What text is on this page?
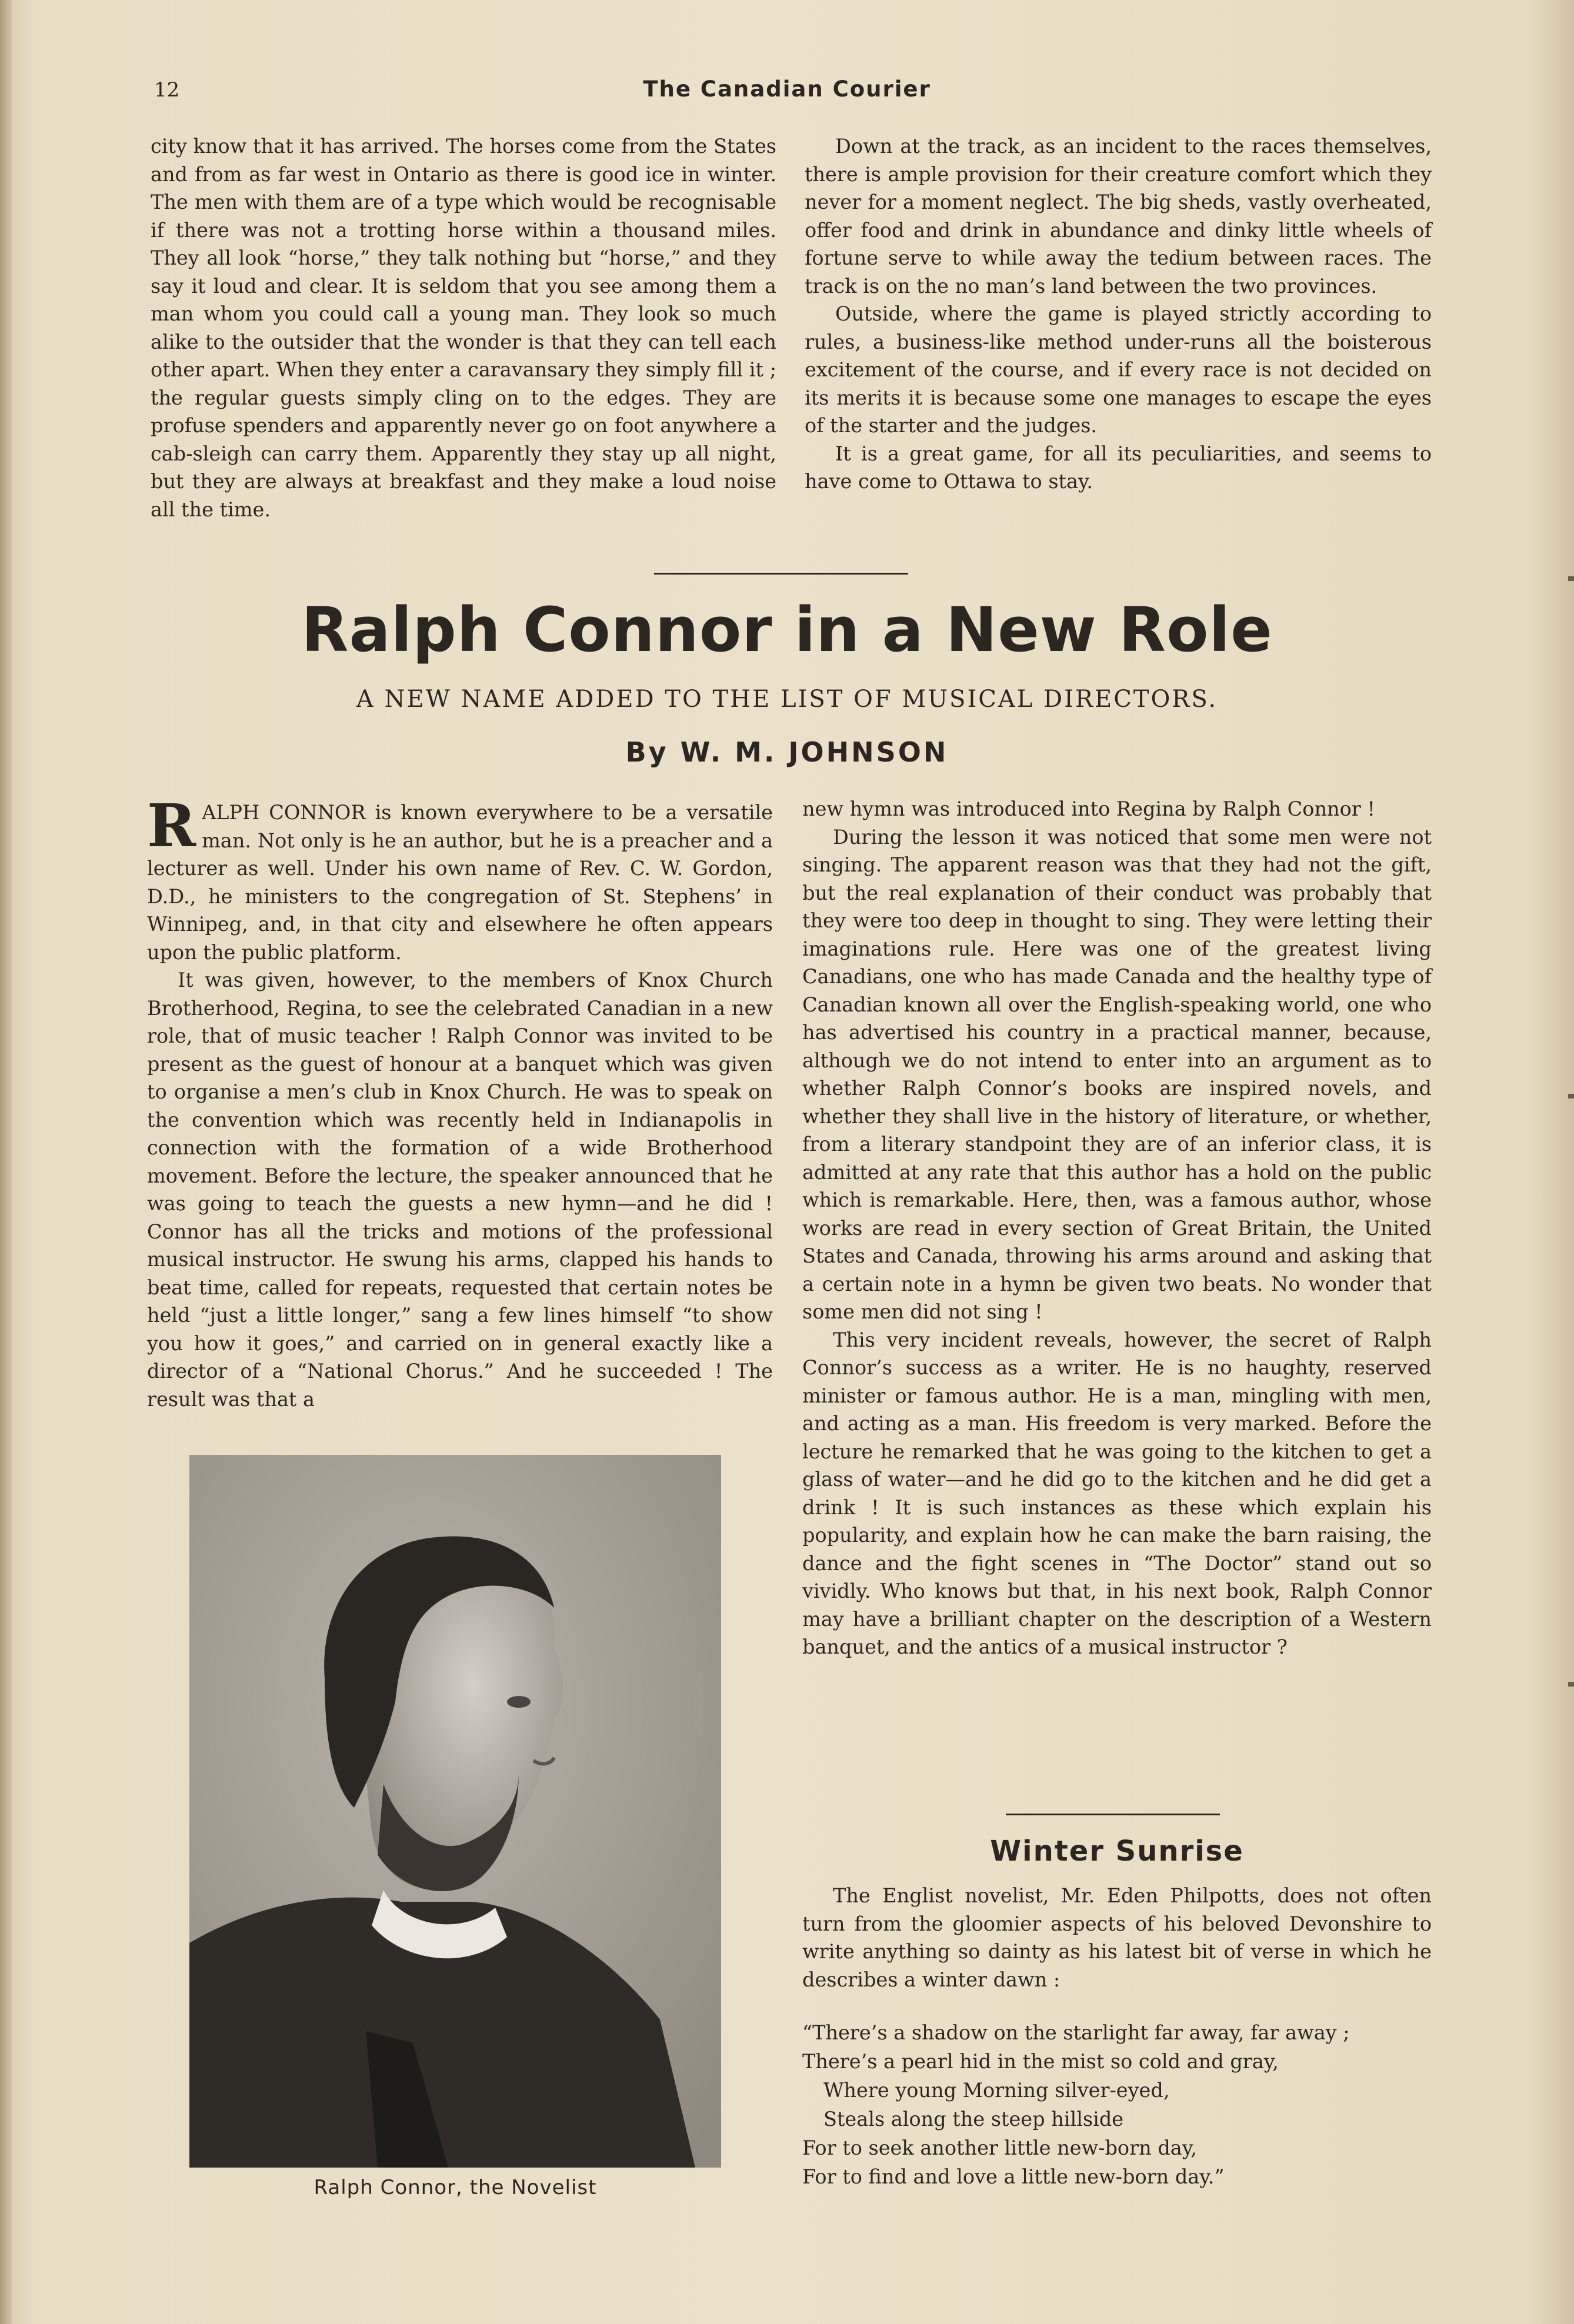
12	The Canadian Courier

city know that it has arrived. The horses come from the States and from as far west in Ontario as there is good ice in winter. The men with them are of a type which would be recognisable if there was not a trotting horse within a thousand miles. They all look “horse,” they talk nothing but “horse,” and they say it loud and clear. It is seldom that you see among them a man whom you could call a young man. They look so much alike to the outsider that the wonder is that they can tell each other apart. When they enter a caravansary they simply fill it ; the regular guests simply cling on to the edges. They are profuse spenders and apparently never go on foot anywhere a cab-sleigh can carry them. Apparently they stay up all night, but they are always at breakfast and they make a loud noise all the time.

Down at the track, as an incident to the races themselves, there is ample provision for their creature comfort which they never for a moment neglect. The big sheds, vastly overheated, offer food and drink in abundance and dinky little wheels of fortune serve to while away the tedium between races. The track is on the no man’s land between the two provinces.

Outside, where the game is played strictly according to rules, a business-like method under-runs all the boisterous excitement of the course, and if every race is not decided on its merits it is because some one manages to escape the eyes of the starter and the judges.

It is a great game, for all its peculiarities, and seems to have come to Ottawa to stay.

Ralph Connor in a New Role
A NEW NAME ADDED TO THE LIST OF MUSICAL DIRECTORS.
By W. M. JOHNSON

RALPH CONNOR is known everywhere to be a versatile man. Not only is he an author, but he is a preacher and a lecturer as well. Under his own name of Rev. C. W. Gordon, D.D., he ministers to the congregation of St. Stephens’ in Winnipeg, and, in that city and elsewhere he often appears upon the public platform.

It was given, however, to the members of Knox Church Brotherhood, Regina, to see the celebrated Canadian in a new role, that of music teacher ! Ralph Connor was invited to be present as the guest of honour at a banquet which was given to organise a men’s club in Knox Church. He was to speak on the convention which was recently held in Indianapolis in connection with the formation of a wide Brotherhood movement. Before the lecture, the speaker announced that he was going to teach the guests a new hymn—and he did ! Connor has all the tricks and motions of the professional musical instructor. He swung his arms, clapped his hands to beat time, called for repeats, requested that certain notes be held “just a little longer,” sang a few lines himself “to show you how it goes,” and carried on in general exactly like a director of a “National Chorus.” And he succeeded ! The result was that a

Ralph Connor, the Novelist

new hymn was introduced into Regina by Ralph Connor !

During the lesson it was noticed that some men were not singing. The apparent reason was that they had not the gift, but the real explanation of their conduct was probably that they were too deep in thought to sing. They were letting their imaginations rule. Here was one of the greatest living Canadians, one who has made Canada and the healthy type of Canadian known all over the English-speaking world, one who has advertised his country in a practical manner, because, although we do not intend to enter into an argument as to whether Ralph Connor’s books are inspired novels, and whether they shall live in the history of literature, or whether, from a literary standpoint they are of an inferior class, it is admitted at any rate that this author has a hold on the public which is remarkable. Here, then, was a famous author, whose works are read in every section of Great Britain, the United States and Canada, throwing his arms around and asking that a certain note in a hymn be given two beats. No wonder that some men did not sing !

This very incident reveals, however, the secret of Ralph Connor’s success as a writer. He is no haughty, reserved minister or famous author. He is a man, mingling with men, and acting as a man. His freedom is very marked. Before the lecture he remarked that he was going to the kitchen to get a glass of water—and he did go to the kitchen and he did get a drink ! It is such instances as these which explain his popularity, and explain how he can make the barn raising, the dance and the fight scenes in “The Doctor” stand out so vividly. Who knows but that, in his next book, Ralph Connor may have a brilliant chapter on the description of a Western banquet, and the antics of a musical instructor ?

Winter Sunrise

The Englist novelist, Mr. Eden Philpotts, does not often turn from the gloomier aspects of his beloved Devonshire to write anything so dainty as his latest bit of verse in which he describes a winter dawn :

“There’s a shadow on the starlight far away, far away ;
There’s a pearl hid in the mist so cold and gray,
Where young Morning silver-eyed,
Steals along the steep hillside
For to seek another little new-born day,
For to find and love a little new-born day.”
